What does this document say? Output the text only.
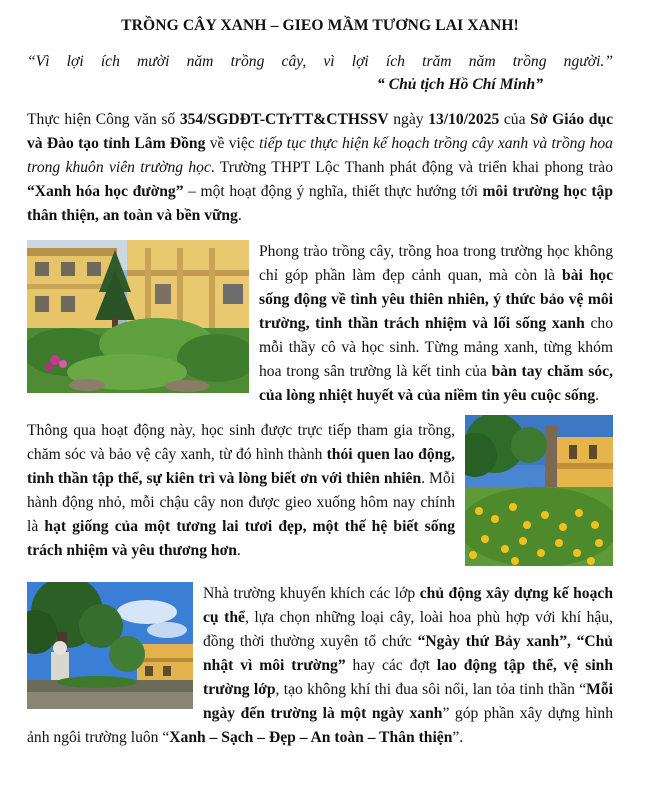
TRỒNG CÂY XANH – GIEO MẦM TƯƠNG LAI XANH!
“Vì lợi ích mười năm trồng cây, vì lợi ích trăm năm trồng người.”
“ Chủ tịch Hồ Chí Minh”

Thực hiện Công văn số 354/SGDĐT-CTrTT&CTHSSV ngày 13/10/2025 của Sở Giáo dục và Đào tạo tỉnh Lâm Đồng về việc tiếp tục thực hiện kế hoạch trồng cây xanh và trồng hoa trong khuôn viên trường học. Trường THPT Lộc Thanh phát động và triển khai phong trào “Xanh hóa học đường” – một hoạt động ý nghĩa, thiết thực hướng tới môi trường học tập thân thiện, an toàn và bền vững.

Phong trào trồng cây, trồng hoa trong trường học không chỉ góp phần làm đẹp cảnh quan, mà còn là bài học sống động về tình yêu thiên nhiên, ý thức bảo vệ môi trường, tinh thần trách nhiệm và lối sống xanh cho mỗi thầy cô và học sinh. Từng mảng xanh, từng khóm hoa trong sân trường là kết tinh của bàn tay chăm sóc, của lòng nhiệt huyết và của niềm tin yêu cuộc sống.

Thông qua hoạt động này, học sinh được trực tiếp tham gia trồng, chăm sóc và bảo vệ cây xanh, từ đó hình thành thói quen lao động, tinh thần tập thể, sự kiên trì và lòng biết ơn với thiên nhiên. Mỗi hành động nhỏ, mỗi chậu cây non được gieo xuống hôm nay chính là hạt giống của một tương lai tươi đẹp, một thế hệ biết sống trách nhiệm và yêu thương hơn.

Nhà trường khuyến khích các lớp chủ động xây dựng kế hoạch cụ thể, lựa chọn những loại cây, loài hoa phù hợp với khí hậu, đồng thời thường xuyên tổ chức “Ngày thứ Bảy xanh”, “Chủ nhật vì môi trường” hay các đợt lao động tập thể, vệ sinh trường lớp, tạo không khí thi đua sôi nổi, lan tỏa tinh thần “Mỗi ngày đến trường là một ngày xanh” góp phần xây dựng hình ảnh ngôi trường luôn “Xanh – Sạch – Đẹp – An toàn – Thân thiện”.
